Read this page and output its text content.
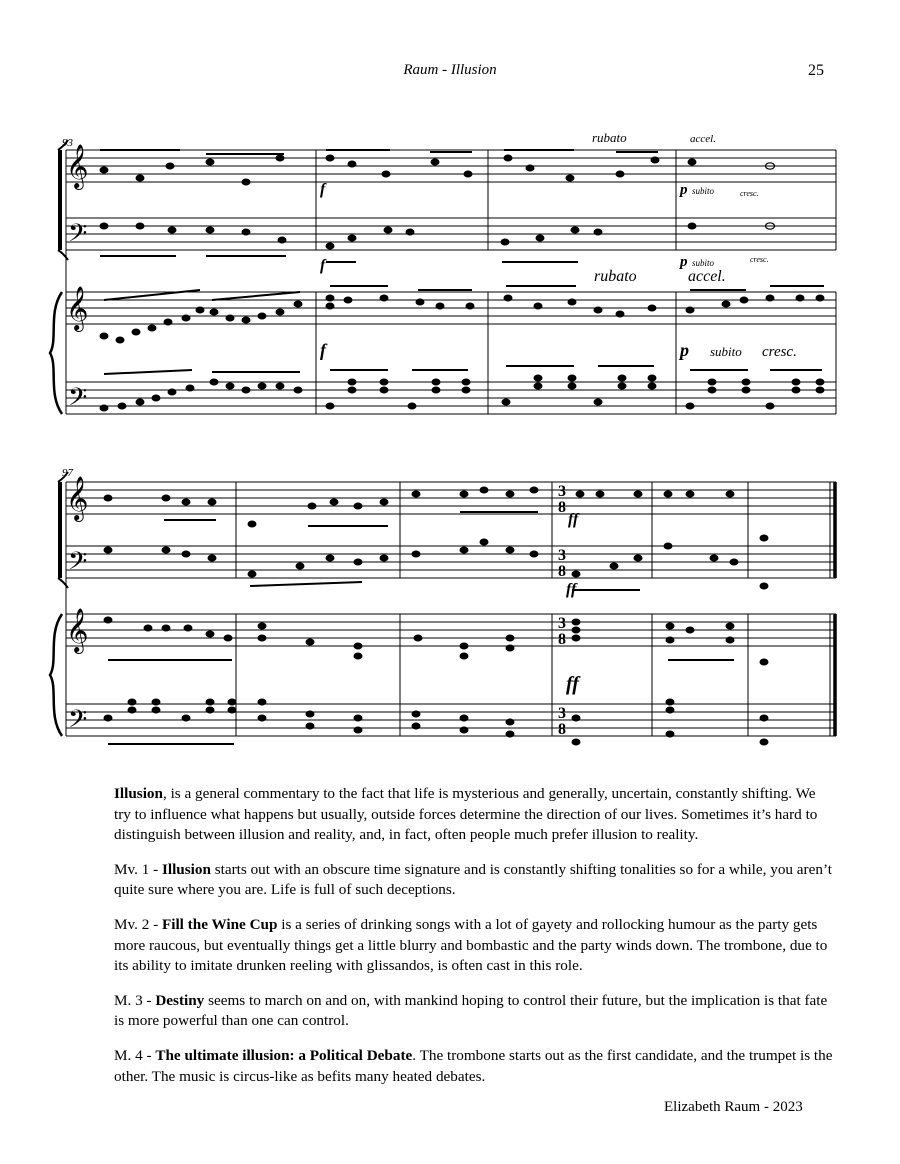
Raum - Illusion	25
93
𝄞
𝄢
𝄞
𝄢
rubato	accel.
f	p subito	cresc.
f	p subito	cresc.
rubato	accel.
f	p subito cresc.
97
𝄞
𝄢
𝄞
𝄢
3
8
3
8
3
8
3
8
ff
ff
ff

Illusion, is a general commentary to the fact that life is mysterious and generally, uncertain, constantly shifting. We try to influence what happens but usually, outside forces determine the direction of our lives. Sometimes it’s hard to distinguish between illusion and reality, and, in fact, often people much prefer illusion to reality.

Mv. 1 - Illusion starts out with an obscure time signature and is constantly shifting tonalities so for a while, you aren’t quite sure where you are. Life is full of such deceptions.

Mv. 2 - Fill the Wine Cup is a series of drinking songs with a lot of gayety and rollocking humour as the party gets more raucous, but eventually things get a little blurry and bombastic and the party winds down. The trombone, due to its ability to imitate drunken reeling with glissandos, is often cast in this role.

M. 3 - Destiny seems to march on and on, with mankind hoping to control their future, but the implication is that fate is more powerful than one can control.

M. 4 - The ultimate illusion: a Political Debate. The trombone starts out as the first candidate, and the trumpet is the other. The music is circus-like as befits many heated debates.

Elizabeth Raum - 2023
